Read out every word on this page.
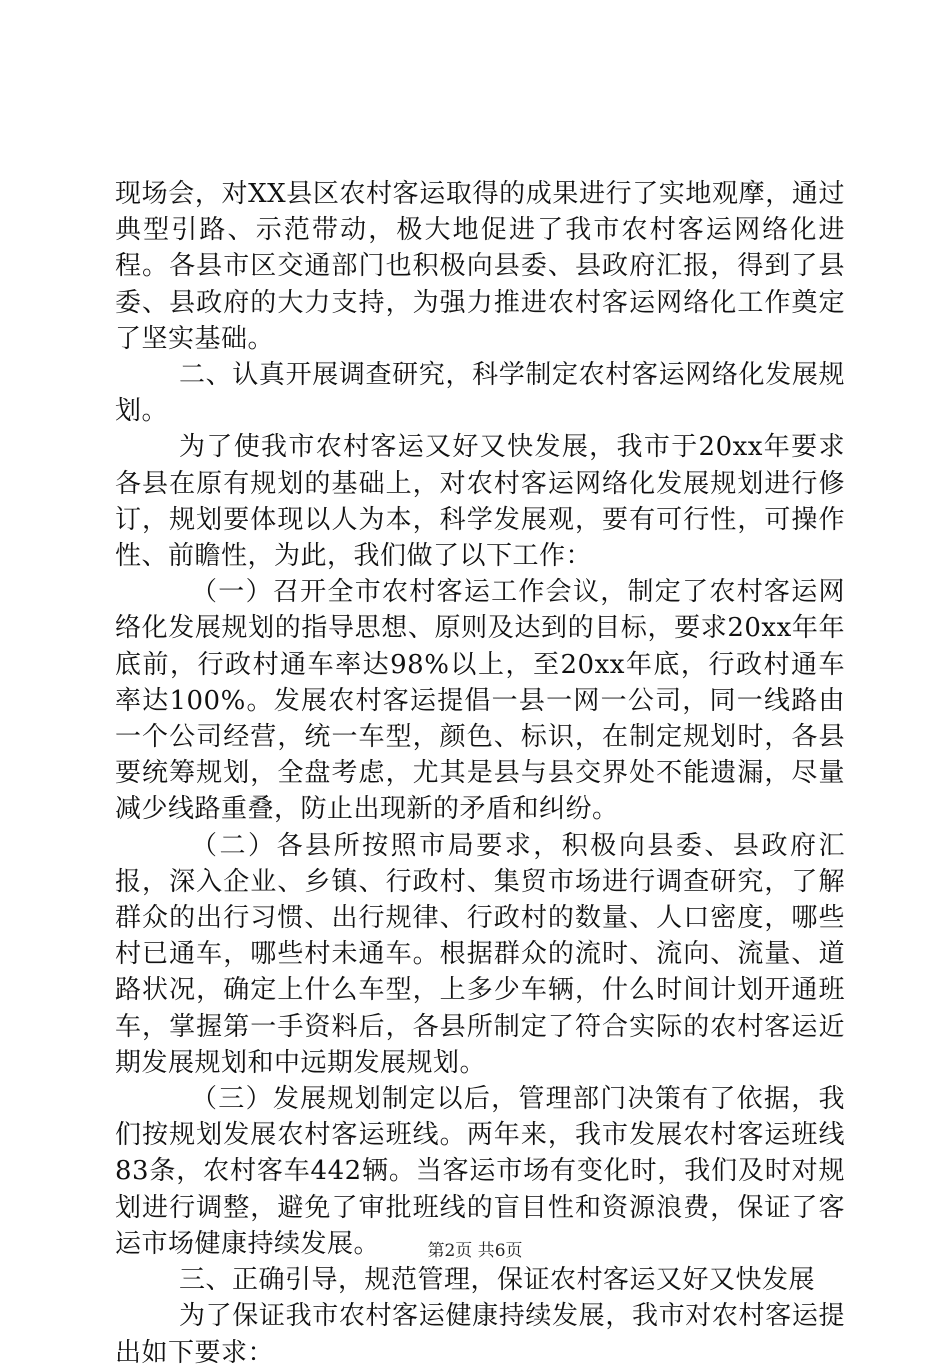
现场会，对XX县区农村客运取得的成果进行了实地观摩，通过典型引路、示范带动，极大地促进了我市农村客运网络化进程。各县市区交通部门也积极向县委、县政府汇报，得到了县委、县政府的大力支持，为强力推进农村客运网络化工作奠定了坚实基础。

二、认真开展调查研究，科学制定农村客运网络化发展规划。

为了使我市农村客运又好又快发展，我市于20xx年要求各县在原有规划的基础上，对农村客运网络化发展规划进行修订，规划要体现以人为本，科学发展观，要有可行性，可操作性、前瞻性，为此，我们做了以下工作：

（一）召开全市农村客运工作会议，制定了农村客运网络化发展规划的指导思想、原则及达到的目标，要求20xx年年底前，行政村通车率达98%以上，至20xx年底，行政村通车率达100%。发展农村客运提倡一县一网一公司，同一线路由一个公司经营，统一车型，颜色、标识，在制定规划时，各县要统筹规划，全盘考虑，尤其是县与县交界处不能遗漏，尽量减少线路重叠，防止出现新的矛盾和纠纷。

（二）各县所按照市局要求，积极向县委、县政府汇报，深入企业、乡镇、行政村、集贸市场进行调查研究，了解群众的出行习惯、出行规律、行政村的数量、人口密度，哪些村已通车，哪些村未通车。根据群众的流时、流向、流量、道路状况，确定上什么车型，上多少车辆，什么时间计划开通班车，掌握第一手资料后，各县所制定了符合实际的农村客运近期发展规划和中远期发展规划。

（三）发展规划制定以后，管理部门决策有了依据，我们按规划发展农村客运班线。两年来，我市发展农村客运班线83条，农村客车442辆。当客运市场有变化时，我们及时对规划进行调整，避免了审批班线的盲目性和资源浪费，保证了客运市场健康持续发展。

三、正确引导，规范管理，保证农村客运又好又快发展

为了保证我市农村客运健康持续发展，我市对农村客运提出如下要求：

第2页 共6页
